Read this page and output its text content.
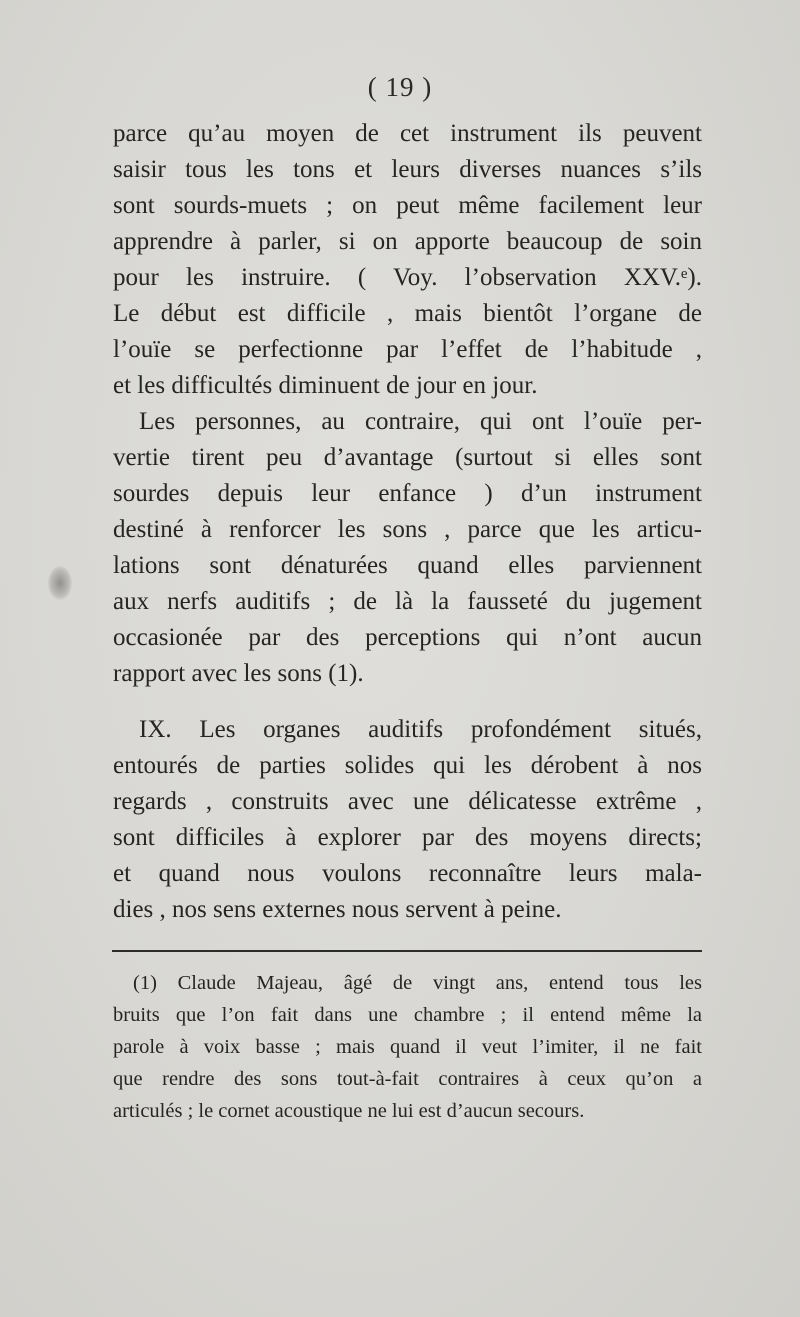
( 19 )
parce qu’au moyen de cet instrument ils peuvent
saisir tous les tons et leurs diverses nuances s’ils
sont sourds-muets ; on peut même facilement leur
apprendre à parler, si on apporte beaucoup de soin
pour les instruire. ( Voy. l’observation XXV.ᵉ).
Le début est difficile , mais bientôt l’organe de
l’ouïe se perfectionne par l’effet de l’habitude ,
et les difficultés diminuent de jour en jour.
Les personnes, au contraire, qui ont l’ouïe per-
vertie tirent peu d’avantage (surtout si elles sont
sourdes depuis leur enfance ) d’un instrument
destiné à renforcer les sons , parce que les articu-
lations sont dénaturées quand elles parviennent
aux nerfs auditifs ; de là la fausseté du jugement
occasionée par des perceptions qui n’ont aucun
rapport avec les sons (1).
IX. Les organes auditifs profondément situés,
entourés de parties solides qui les dérobent à nos
regards , construits avec une délicatesse extrême ,
sont difficiles à explorer par des moyens directs;
et quand nous voulons reconnaître leurs mala-
dies , nos sens externes nous servent à peine.
(1) Claude Majeau, âgé de vingt ans, entend tous les
bruits que l’on fait dans une chambre ; il entend même la
parole à voix basse ; mais quand il veut l’imiter, il ne fait
que rendre des sons tout-à-fait contraires à ceux qu’on a
articulés ; le cornet acoustique ne lui est d’aucun secours.
